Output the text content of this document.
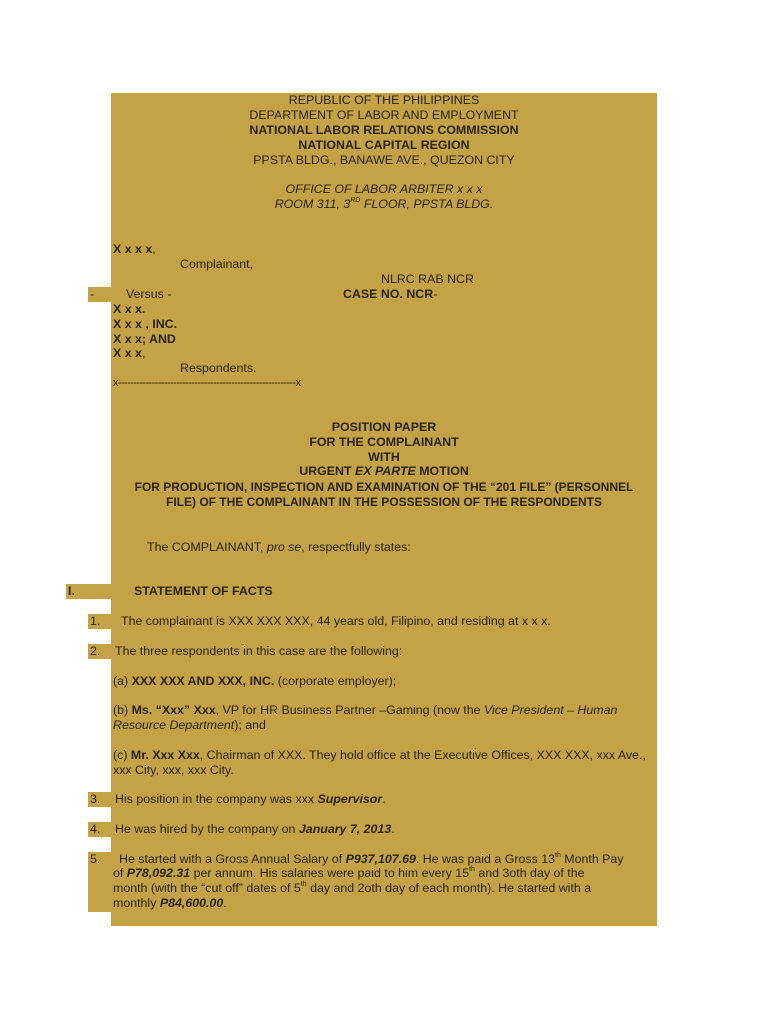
REPUBLIC OF THE PHILIPPINES
DEPARTMENT OF LABOR AND EMPLOYMENT
NATIONAL LABOR RELATIONS COMMISSION
NATIONAL CAPITAL REGION
PPSTA BLDG., BANAWE AVE., QUEZON CITY
OFFICE OF LABOR ARBITER x x x
ROOM 311, 3RD FLOOR, PPSTA BLDG.
X x x x,
Complainant,
NLRC RAB NCR
-	Versus -	CASE NO. NCR-
X x x.
X x x , INC.
X x x; AND
X x x,
Respondents.
x----------------------------------------------------------x
POSITION PAPER
FOR THE COMPLAINANT
WITH
URGENT EX PARTE MOTION
FOR PRODUCTION, INSPECTION AND EXAMINATION OF THE “201 FILE” (PERSONNEL
FILE) OF THE COMPLAINANT IN THE POSSESSION OF THE RESPONDENTS
The COMPLAINANT, pro se, respectfully states:
I.	STATEMENT OF FACTS
1. The complainant is XXX XXX XXX, 44 years old, Filipino, and residing at x x x.
2. The three respondents in this case are the following:
(a) XXX XXX AND XXX, INC. (corporate employer);
(b) Ms. “Xxx” Xxx, VP for HR Business Partner –Gaming (now the Vice President – Human
Resource Department); and
(c) Mr. Xxx Xxx, Chairman of XXX. They hold office at the Executive Offices, XXX XXX, xxx Ave.,
xxx City, xxx, xxx City.
3. His position in the company was xxx Supervisor.
4. He was hired by the company on January 7, 2013.
5. He started with a Gross Annual Salary of P937,107.69. He was paid a Gross 13th Month Pay
of P78,092.31 per annum. His salaries were paid to him every 15th and 3oth day of the
month (with the “cut off” dates of 5th day and 2oth day of each month). He started with a
monthly P84,600.00.
